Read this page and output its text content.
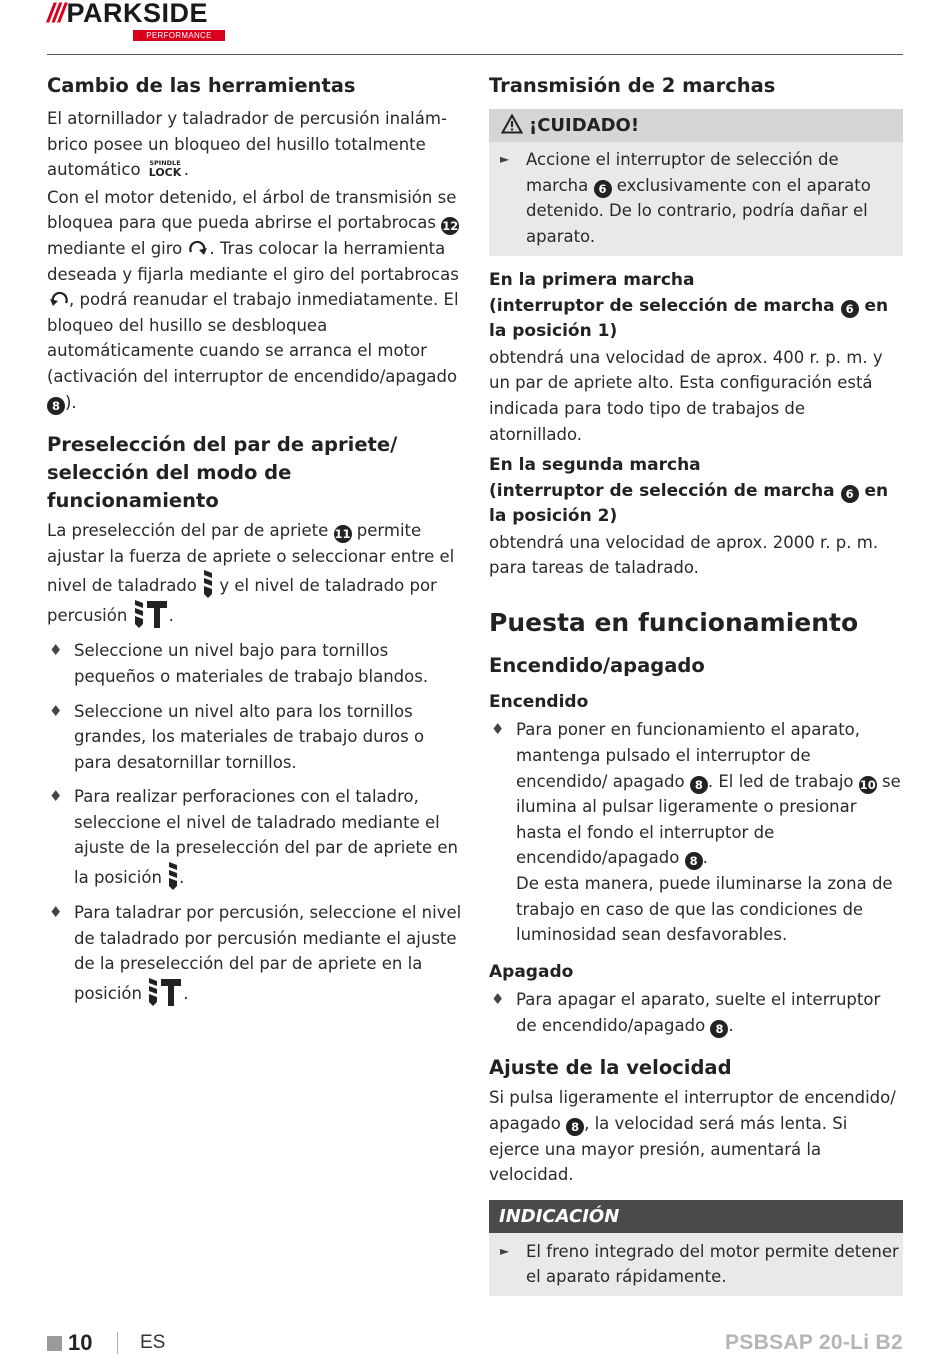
/// PARKSIDE
PERFORMANCE
Cambio de las herramientas

El atornillador y taladrador de percusión inalámbrico posee un bloqueo del husillo totalmente automático SPINDLE
LOCK .

Con el motor detenido, el árbol de transmisión se bloquea para que pueda abrirse el portabrocas 12 mediante el giro . Tras colocar la herramienta deseada y fijarla mediante el giro del portabrocas , podrá reanudar el trabajo inmediatamente. El bloqueo del husillo se desbloquea automáticamente cuando se arranca el motor (activación del interruptor de encendido/apagado 8 ).

Preselección del par de apriete/ selección del modo de funcionamiento

La preselección del par de apriete 11 permite ajustar la fuerza de apriete o seleccionar entre el nivel de taladrado y el nivel de taladrado por percusión	.

♦ Seleccione un nivel bajo para tornillos pequeños o materiales de trabajo blandos.
♦ Seleccione un nivel alto para los tornillos grandes, los materiales de trabajo duros o para desatornillar tornillos.
♦ Para realizar perforaciones con el taladro, seleccione el nivel de taladrado mediante el ajuste de la preselección del par de apriete en la posición .
♦ Para taladrar por percusión, seleccione el nivel de taladrado por percusión mediante el ajuste de la preselección del par de apriete en la posición	.
Transmisión de 2 marchas
¡CUIDADO!
► Accione el interruptor de selección de marcha 6 exclusivamente con el aparato detenido. De lo contrario, podría dañar el aparato.
En la primera marcha
(interruptor de selección de marcha 6 en la posición 1)

obtendrá una velocidad de aprox. 400 r. p. m. y un par de apriete alto. Esta configuración está indicada para todo tipo de trabajos de atornillado.

En la segunda marcha
(interruptor de selección de marcha 6 en la posición 2)

obtendrá una velocidad de aprox. 2000 r. p. m. para tareas de taladrado.

Puesta en funcionamiento
Encendido/apagado
Encendido
♦ Para poner en funcionamiento el aparato, mantenga pulsado el interruptor de encendido/ apagado 8 . El led de trabajo 10 se ilumina al pulsar ligeramente o presionar hasta el fondo el interruptor de encendido/apagado 8 .
De esta manera, puede iluminarse la zona de trabajo en caso de que las condiciones de luminosidad sean desfavorables.
Apagado
♦ Para apagar el aparato, suelte el interruptor de encendido/apagado 8 .
Ajuste de la velocidad

Si pulsa ligeramente el interruptor de encendido/ apagado 8 , la velocidad será más lenta. Si ejerce una mayor presión, aumentará la velocidad.

INDICACIÓN
► El freno integrado del motor permite detener el aparato rápidamente.
10	ES	PSBSAP 20-Li B2
